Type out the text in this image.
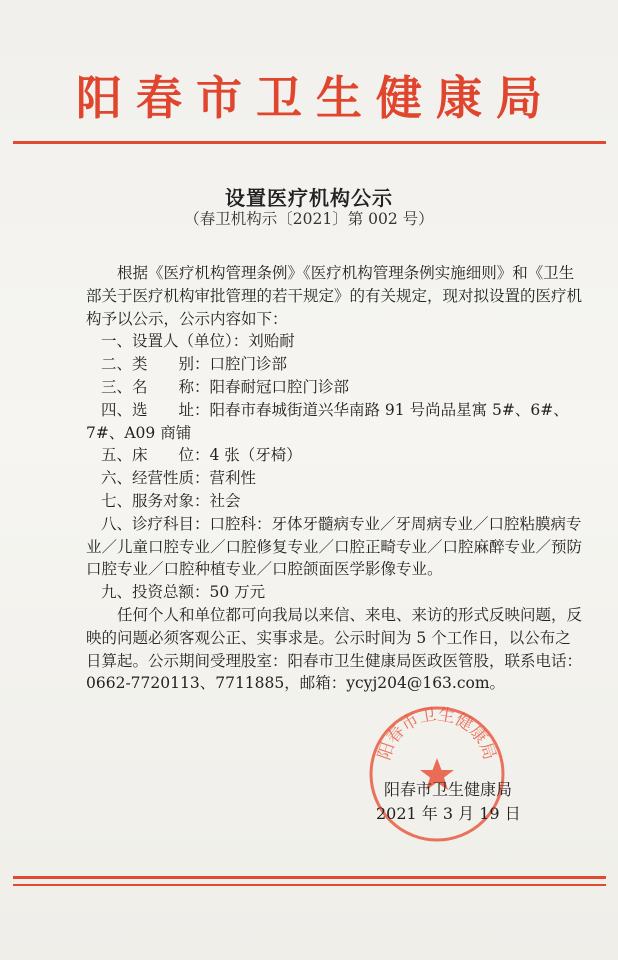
阳春市卫生健康局
设置医疗机构公示
（春卫机构示〔2021〕第 002 号）

根据《医疗机构管理条例》《医疗机构管理条例实施细则》和《卫生部关于医疗机构审批管理的若干规定》的有关规定，现对拟设置的医疗机构予以公示，公示内容如下：

一、设置人（单位）：刘贻耐

二、类　　别：口腔门诊部

三、名　　称：阳春耐冠口腔门诊部

四、选　　址：阳春市春城街道兴华南路 91 号尚品星寓 5#、6#、7#、A09 商铺

五、床　　位：4 张（牙椅）

六、经营性质：营利性

七、服务对象：社会

八、诊疗科目：口腔科：牙体牙髓病专业／牙周病专业／口腔粘膜病专业／儿童口腔专业／口腔修复专业／口腔正畸专业／口腔麻醉专业／预防口腔专业／口腔种植专业／口腔颌面医学影像专业。

九、投资总额：50 万元

任何个人和单位都可向我局以来信、来电、来访的形式反映问题，反映的问题必须客观公正、实事求是。公示时间为 5 个工作日，以公布之日算起。公示期间受理股室：阳春市卫生健康局医政医管股，联系电话：0662-7720113、7711885，邮箱：ycyj204@163.com。

阳春市卫生健康局
阳春市卫生健康局
2021 年 3 月 19 日
